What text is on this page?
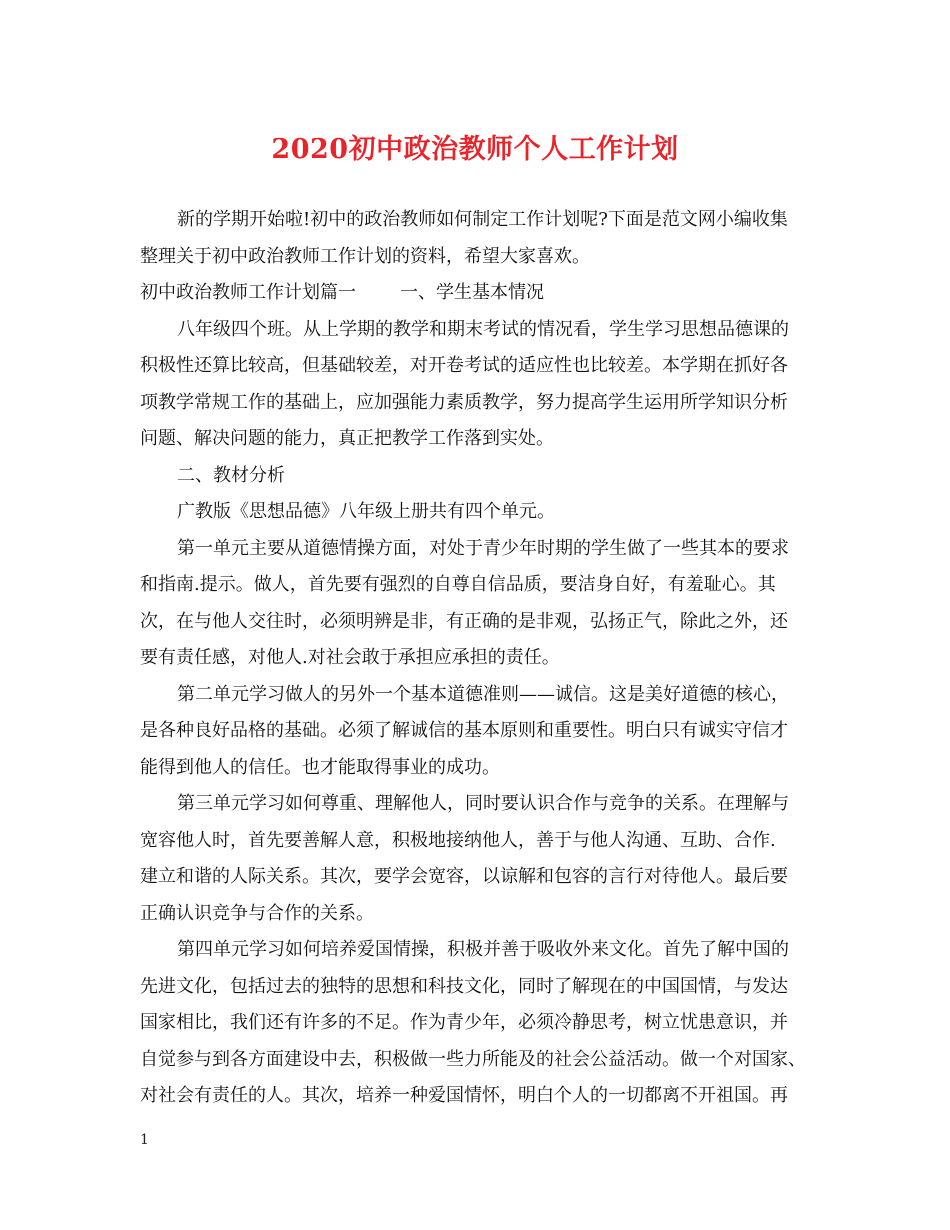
2020初中政治教师个人工作计划
新的学期开始啦!初中的政治教师如何制定工作计划呢?下面是范文网小编收集
整理关于初中政治教师工作计划的资料，希望大家喜欢。
初中政治教师工作计划篇一 一、学生基本情况
八年级四个班。从上学期的教学和期末考试的情况看，学生学习思想品德课的
积极性还算比较高，但基础较差，对开卷考试的适应性也比较差。本学期在抓好各
项教学常规工作的基础上，应加强能力素质教学，努力提高学生运用所学知识分析
问题、解决问题的能力，真正把教学工作落到实处。
二、教材分析
广教版《思想品德》八年级上册共有四个单元。
第一单元主要从道德情操方面，对处于青少年时期的学生做了一些其本的要求
和指南.提示。做人，首先要有强烈的自尊自信品质，要洁身自好，有羞耻心。其
次，在与他人交往时，必须明辨是非，有正确的是非观，弘扬正气，除此之外，还
要有责任感，对他人.对社会敢于承担应承担的责任。
第二单元学习做人的另外一个基本道德准则——诚信。这是美好道德的核心，
是各种良好品格的基础。必须了解诚信的基本原则和重要性。明白只有诚实守信才
能得到他人的信任。也才能取得事业的成功。
第三单元学习如何尊重、理解他人，同时要认识合作与竞争的关系。在理解与
宽容他人时，首先要善解人意，积极地接纳他人，善于与他人沟通、互助、合作.
建立和谐的人际关系。其次，要学会宽容，以谅解和包容的言行对待他人。最后要
正确认识竞争与合作的关系。
第四单元学习如何培养爱国情操，积极并善于吸收外来文化。首先了解中国的
先进文化，包括过去的独特的思想和科技文化，同时了解现在的中国国情，与发达
国家相比，我们还有许多的不足。作为青少年，必须冷静思考，树立忧患意识，并
自觉参与到各方面建设中去，积极做一些力所能及的社会公益活动。做一个对国家、
对社会有责任的人。其次，培养一种爱国情怀，明白个人的一切都离不开祖国。再
1
